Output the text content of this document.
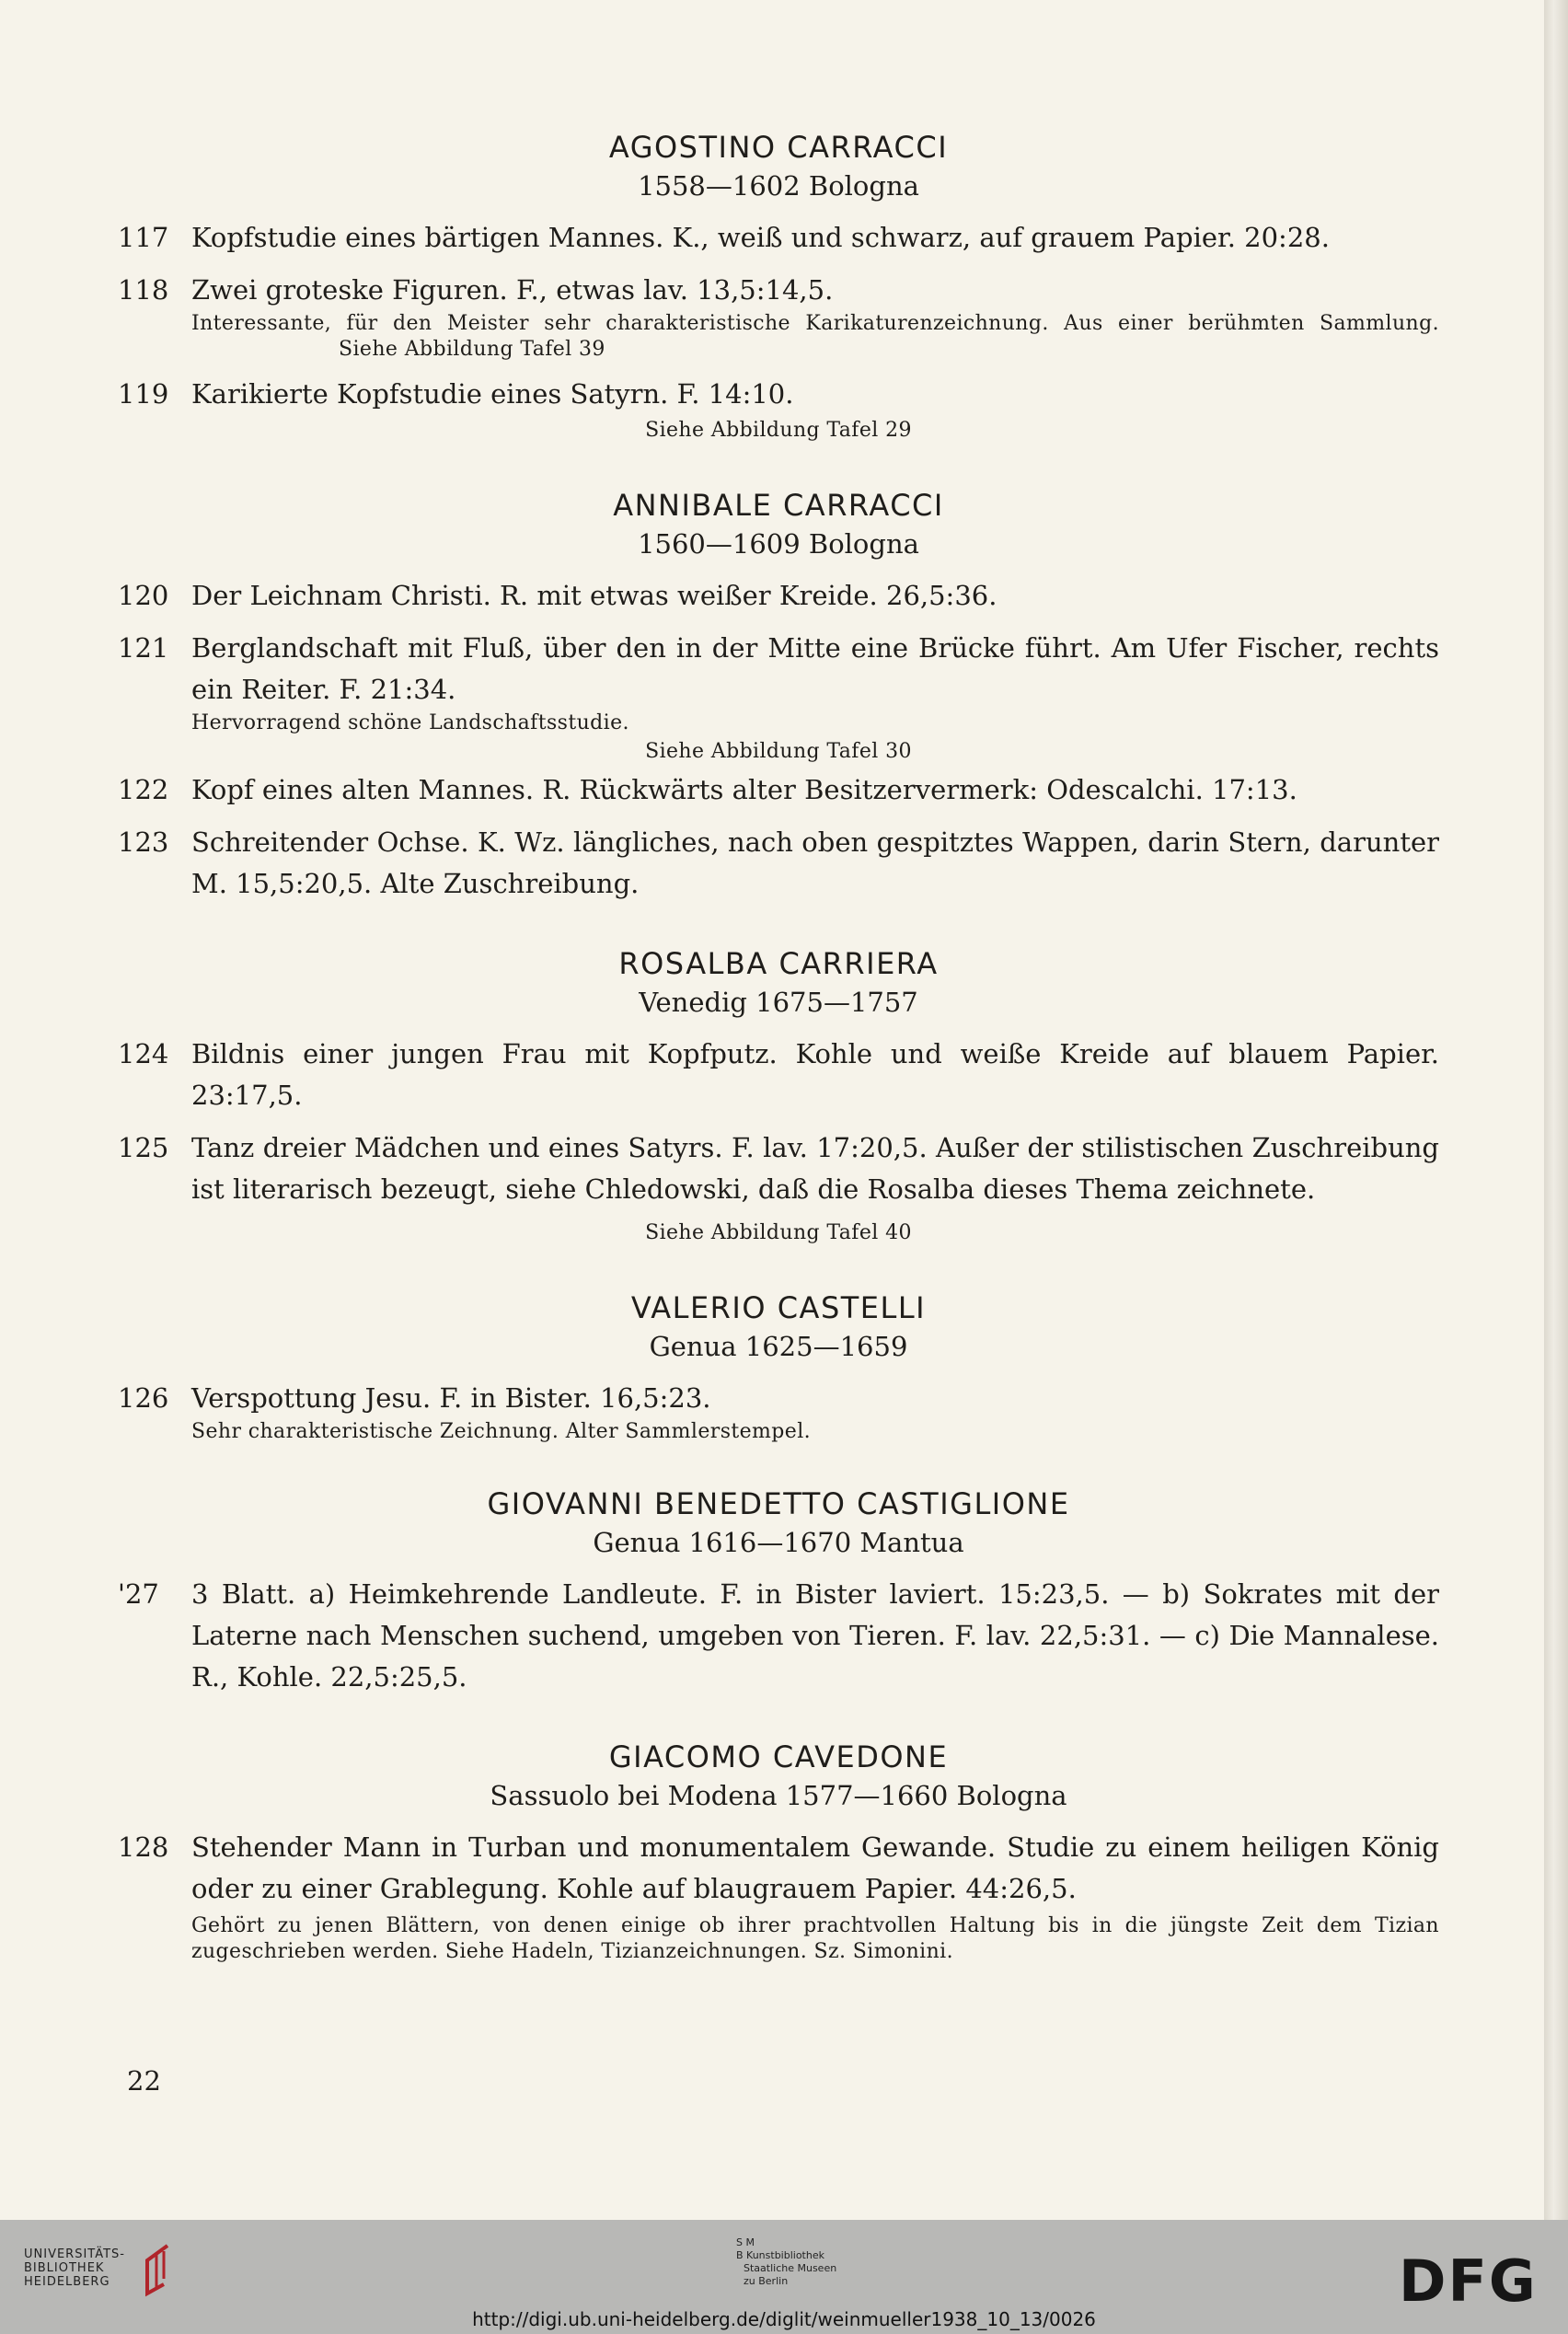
AGOSTINO CARRACCI
1558—1602 Bologna
117 Kopfstudie eines bärtigen Mannes. K., weiß und schwarz, auf grauem Papier. 20:28.
118 Zwei groteske Figuren. F., etwas lav. 13,5:14,5.
Interessante, für den Meister sehr charakteristische Karikaturenzeichnung. Aus einer berühmten Sammlung. Siehe Abbildung Tafel 39
119 Karikierte Kopfstudie eines Satyrn. F. 14:10.
Siehe Abbildung Tafel 29
ANNIBALE CARRACCI
1560—1609 Bologna
120 Der Leichnam Christi. R. mit etwas weißer Kreide. 26,5:36.
121 Berglandschaft mit Fluß, über den in der Mitte eine Brücke führt. Am Ufer Fischer, rechts ein Reiter. F. 21:34.
Hervorragend schöne Landschaftsstudie.
Siehe Abbildung Tafel 30
122 Kopf eines alten Mannes. R. Rückwärts alter Besitzervermerk: Odescalchi. 17:13.
123 Schreitender Ochse. K. Wz. längliches, nach oben gespitztes Wappen, darin Stern, darunter M. 15,5:20,5. Alte Zuschreibung.
ROSALBA CARRIERA
Venedig 1675—1757
124 Bildnis einer jungen Frau mit Kopfputz. Kohle und weiße Kreide auf blauem Papier. 23:17,5.
125 Tanz dreier Mädchen und eines Satyrs. F. lav. 17:20,5. Außer der stilistischen Zuschreibung ist literarisch bezeugt, siehe Chledowski, daß die Rosalba dieses Thema zeichnete.
Siehe Abbildung Tafel 40
VALERIO CASTELLI
Genua 1625—1659
126 Verspottung Jesu. F. in Bister. 16,5:23.
Sehr charakteristische Zeichnung. Alter Sammlerstempel.
GIOVANNI BENEDETTO CASTIGLIONE
Genua 1616—1670 Mantua
'27	3 Blatt. a) Heimkehrende Landleute. F. in Bister laviert. 15:23,5. — b) Sokrates mit der Laterne nach Menschen suchend, umgeben von Tieren. F. lav. 22,5:31. — c) Die Mannalese. R., Kohle. 22,5:25,5.
GIACOMO CAVEDONE
Sassuolo bei Modena 1577—1660 Bologna
128 Stehender Mann in Turban und monumentalem Gewande. Studie zu einem heiligen König oder zu einer Grablegung. Kohle auf blaugrauem Papier. 44:26,5.
Gehört zu jenen Blättern, von denen einige ob ihrer prachtvollen Haltung bis in die jüngste Zeit dem Tizian zugeschrieben werden. Siehe Hadeln, Tizianzeichnungen. Sz. Simonini.
22
UNIVERSITÄTS-
BIBLIOTHEK
HEIDELBERG
S M
B Kunstbibliothek
Staatliche Museen
zu Berlin	DFG
http://digi.ub.uni-heidelberg.de/diglit/weinmueller1938_10_13/0026
